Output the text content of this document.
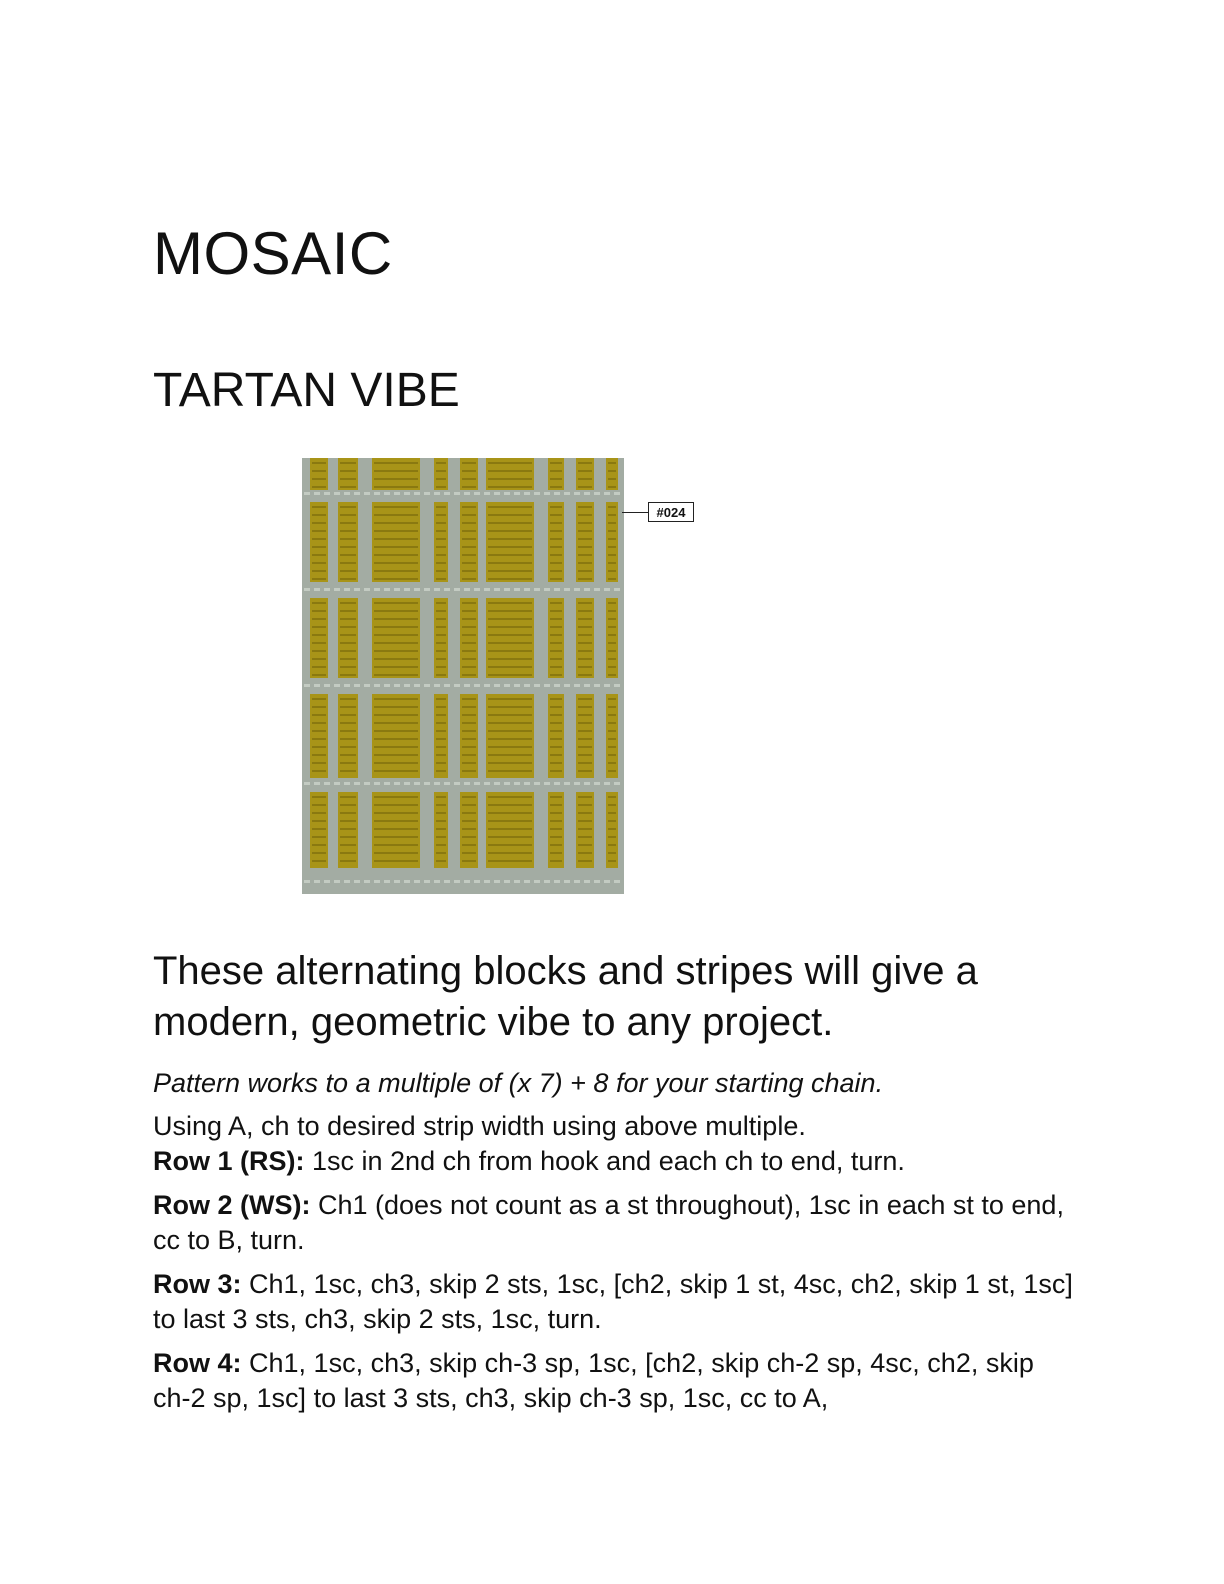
MOSAIC
TARTAN VIBE
#024

These alternating blocks and stripes will give a modern, geometric vibe to any project.

Pattern works to a multiple of (x 7) + 8 for your starting chain.

Using A, ch to desired strip width using above multiple.

Row 1 (RS): 1sc in 2nd ch from hook and each ch to end, turn.

Row 2 (WS): Ch1 (does not count as a st throughout), 1sc in each st to end, cc to B, turn.

Row 3: Ch1, 1sc, ch3, skip 2 sts, 1sc, [ch2, skip 1 st, 4sc, ch2, skip 1 st, 1sc] to last 3 sts, ch3, skip 2 sts, 1sc, turn.

Row 4: Ch1, 1sc, ch3, skip ch-3 sp, 1sc, [ch2, skip ch-2 sp, 4sc, ch2, skip ch-2 sp, 1sc] to last 3 sts, ch3, skip ch-3 sp, 1sc, cc to A,
